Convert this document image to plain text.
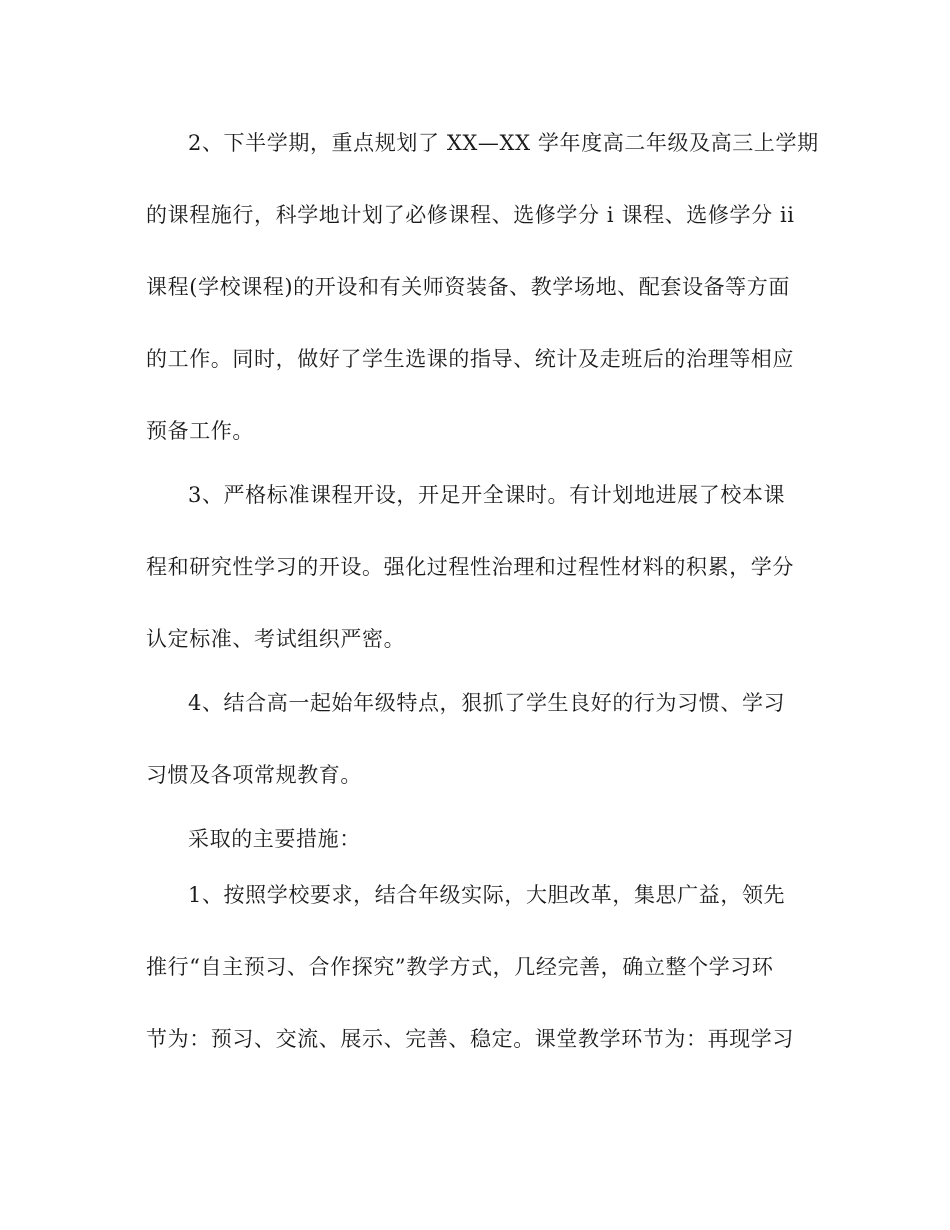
2、下半学期，重点规划了 XX—XX 学年度高二年级及高三上学期
的课程施行，科学地计划了必修课程、选修学分 i 课程、选修学分 ii
课程(学校课程)的开设和有关师资装备、教学场地、配套设备等方面
的工作。同时，做好了学生选课的指导、统计及走班后的治理等相应
预备工作。
3、严格标准课程开设，开足开全课时。有计划地进展了校本课
程和研究性学习的开设。强化过程性治理和过程性材料的积累，学分
认定标准、考试组织严密。
4、结合高一起始年级特点，狠抓了学生良好的行为习惯、学习
习惯及各项常规教育。
采取的主要措施：
1、按照学校要求，结合年级实际，大胆改革，集思广益，领先
推行“自主预习、合作探究”教学方式，几经完善，确立整个学习环
节为：预习、交流、展示、完善、稳定。课堂教学环节为：再现学习
